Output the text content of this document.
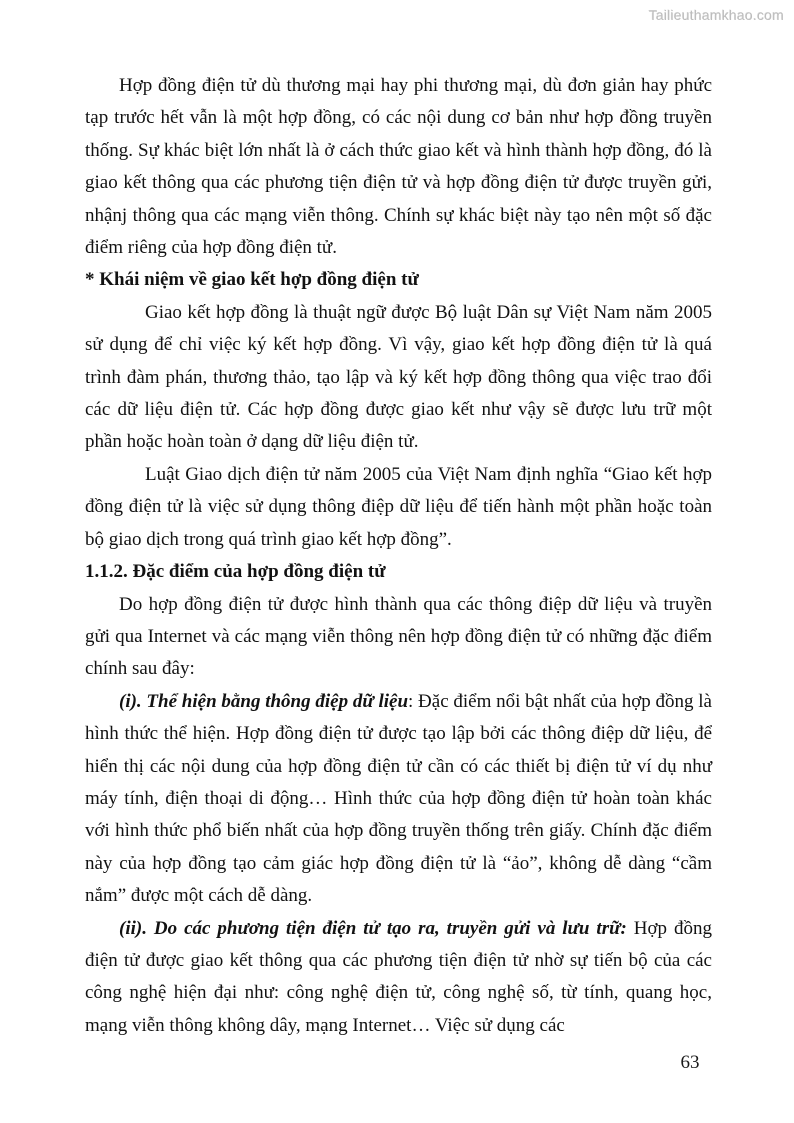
Tailieuthamkhao.com

Hợp đồng điện tử dù thương mại hay phi thương mại, dù đơn giản hay phức tạp trước hết vẫn là một hợp đồng, có các nội dung cơ bản như hợp đồng truyền thống. Sự khác biệt lớn nhất là ở cách thức giao kết và hình thành hợp đồng, đó là giao kết thông qua các phương tiện điện tử và hợp đồng điện tử được truyền gửi, nhậnj thông qua các mạng viễn thông. Chính sự khác biệt này tạo nên một số đặc điểm riêng của hợp đồng điện tử.

* Khái niệm về giao kết hợp đồng điện tử

Giao kết hợp đồng là thuật ngữ được Bộ luật Dân sự Việt Nam năm 2005 sử dụng để chỉ việc ký kết hợp đồng. Vì vậy, giao kết hợp đồng điện tử là quá trình đàm phán, thương thảo, tạo lập và ký kết hợp đồng thông qua việc trao đổi các dữ liệu điện tử. Các hợp đồng được giao kết như vậy sẽ được lưu trữ một phần hoặc hoàn toàn ở dạng dữ liệu điện tử.

Luật Giao dịch điện tử năm 2005 của Việt Nam định nghĩa “Giao kết hợp đồng điện tử là việc sử dụng thông điệp dữ liệu để tiến hành một phần hoặc toàn bộ giao dịch trong quá trình giao kết hợp đồng”.

1.1.2. Đặc điểm của hợp đồng điện tử

Do hợp đồng điện tử được hình thành qua các thông điệp dữ liệu và truyền gửi qua Internet và các mạng viễn thông nên hợp đồng điện tử có những đặc điểm chính sau đây:

(i). Thể hiện bằng thông điệp dữ liệu: Đặc điểm nổi bật nhất của hợp đồng là hình thức thể hiện. Hợp đồng điện tử được tạo lập bởi các thông điệp dữ liệu, để hiển thị các nội dung của hợp đồng điện tử cần có các thiết bị điện tử ví dụ như máy tính, điện thoại di động… Hình thức của hợp đồng điện tử hoàn toàn khác với hình thức phổ biến nhất của hợp đồng truyền thống trên giấy. Chính đặc điểm này của hợp đồng tạo cảm giác hợp đồng điện tử là “ảo”, không dễ dàng “cầm nắm” được một cách dễ dàng.

(ii). Do các phương tiện điện tử tạo ra, truyền gửi và lưu trữ: Hợp đồng điện tử được giao kết thông qua các phương tiện điện tử nhờ sự tiến bộ của các công nghệ hiện đại như: công nghệ điện tử, công nghệ số, từ tính, quang học, mạng viễn thông không dây, mạng Internet… Việc sử dụng các

63
